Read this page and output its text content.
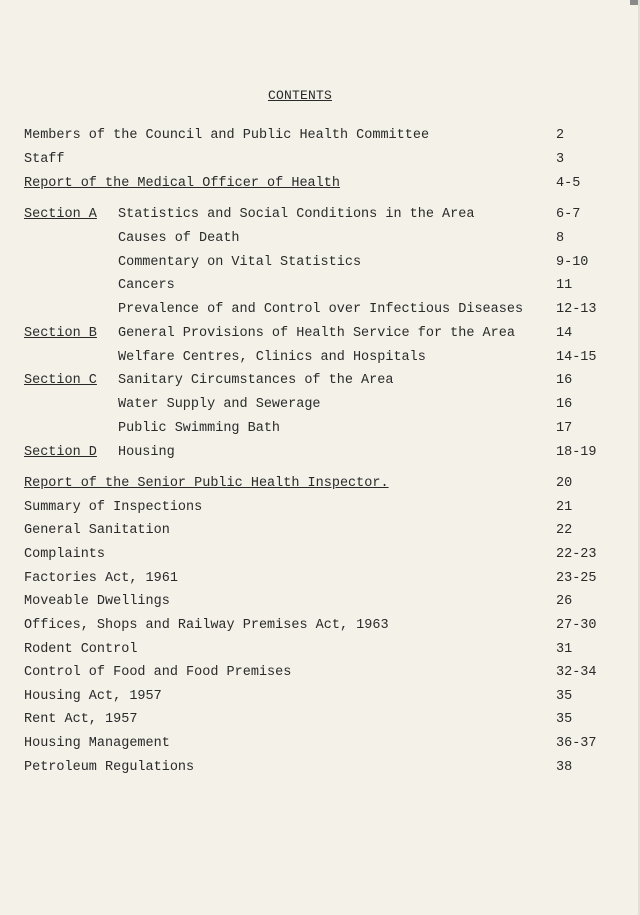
CONTENTS
Members of the Council and Public Health Committee	2
Staff	3
Report of the Medical Officer of Health	4-5
Section A Statistics and Social Conditions in the Area	6-7
Causes of Death	8
Commentary on Vital Statistics	9-10
Cancers	11
Prevalence of and Control over Infectious Diseases 12-13
Section B General Provisions of Health Service for the Area	14
Welfare Centres, Clinics and Hospitals	14-15
Section C Sanitary Circumstances of the Area	16
Water Supply and Sewerage	16
Public Swimming Bath	17
Section D Housing	18-19
Report of the Senior Public Health Inspector.	20
Summary of Inspections	21
General Sanitation	22
Complaints	22-23
Factories Act, 1961	23-25
Moveable Dwellings	26
Offices, Shops and Railway Premises Act, 1963	27-30
Rodent Control	31
Control of Food and Food Premises	32-34
Housing Act, 1957	35
Rent Act, 1957	35
Housing Management	36-37
Petroleum Regulations	38
